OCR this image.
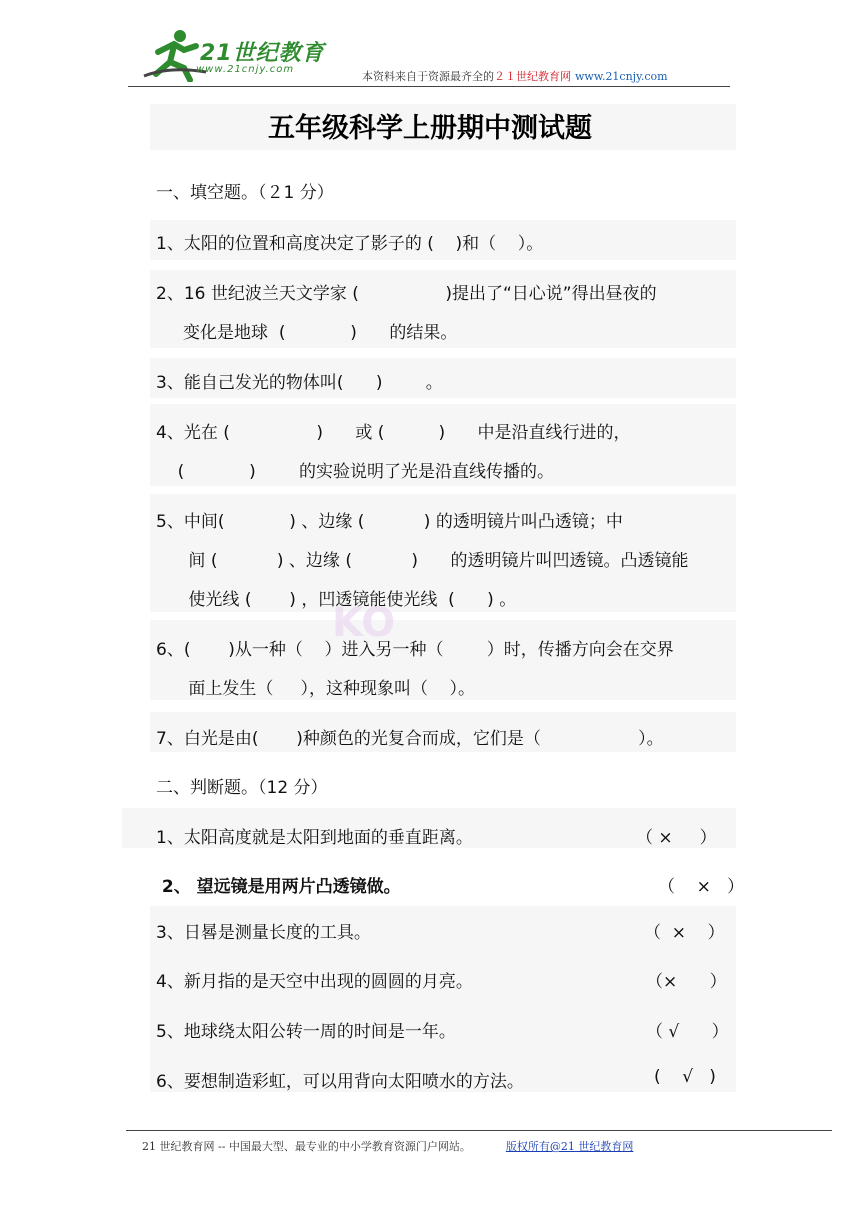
21世纪教育
www.21cnjy.com
本资料来自于资源最齐全的２１世纪教育网 www.21cnjy.com
KO
五年级科学上册期中测试题
一、填空题。（２1 分）
1、太阳的位置和高度决定了影子的 (    )和（    ）。
2、16 世纪波兰天文学家 (                )提出了“日心说”得出昼夜的
变化是地球  (            )      的结果。
3、能自己发光的物体叫(      )        。
4、光在 (                )      或 (          )      中是沿直线行进的，
(            )        的实验说明了光是沿直线传播的。
5、中间(            ) 、边缘 (           ) 的透明镜片叫凸透镜；中
间 (           ) 、边缘 (           )      的透明镜片叫凹透镜。凸透镜能
使光线 (       ) ，凹透镜能使光线  (      ) 。
6、(       )从一种（    ）进入另一种（        ）时，传播方向会在交界
面上发生（     ），这种现象叫（    ）。
7、白光是由(       )种颜色的光复合而成，它们是（                  ）。
二、判断题。（12 分）
1、太阳高度就是太阳到地面的垂直距离。	（ ×     ）
2、 望远镜是用两片凸透镜做。	（    ×   ）
3、日晷是测量长度的工具。	（  ×    ）
4、新月指的是天空中出现的圆圆的月亮。	（×      ）
5、地球绕太阳公转一周的时间是一年。	（ √      ）
6、要想制造彩虹，可以用背向太阳喷水的方法。	(    √   )
21 世纪教育网 -- 中国最大型、最专业的中小学教育资源门户网站。	版权所有@21 世纪教育网
